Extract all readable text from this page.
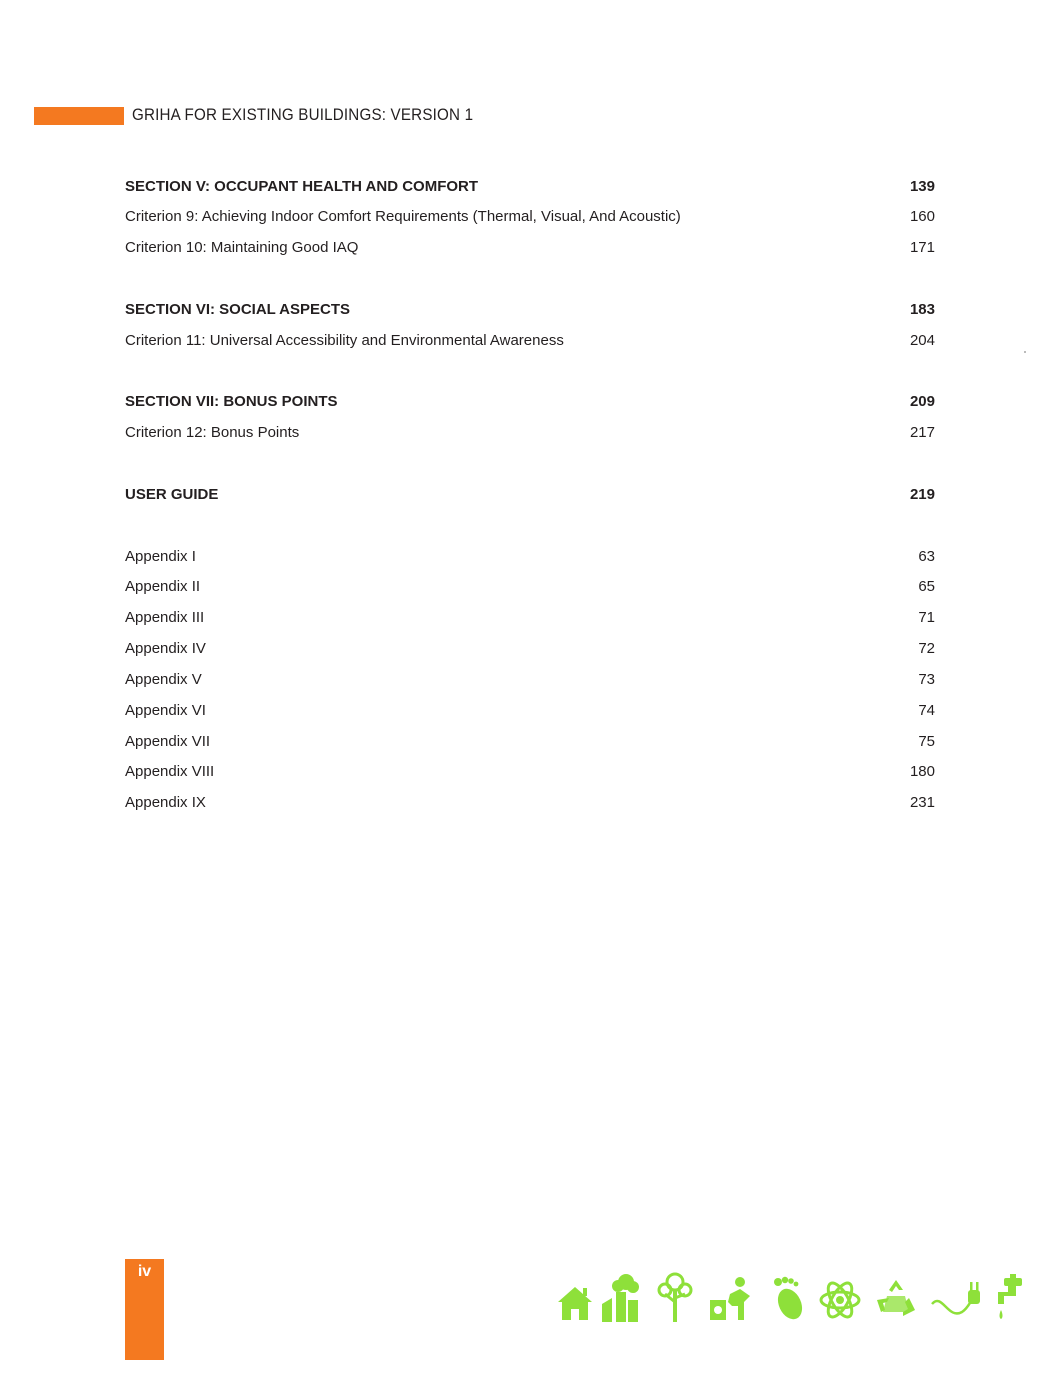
GRIHA FOR EXISTING BUILDINGS: VERSION 1
SECTION V: OCCUPANT HEALTH AND COMFORT	139
Criterion 9: Achieving Indoor Comfort Requirements (Thermal, Visual, And Acoustic)	160
Criterion 10: Maintaining Good IAQ	171
SECTION VI: SOCIAL ASPECTS	183
Criterion 11: Universal Accessibility and Environmental Awareness	204
SECTION VII: BONUS POINTS	209
Criterion 12: Bonus Points	217
USER GUIDE	219
Appendix I	63
Appendix II	65
Appendix III	71
Appendix IV	72
Appendix V	73
Appendix VI	74
Appendix VII	75
Appendix VIII	180
Appendix IX	231
iv
